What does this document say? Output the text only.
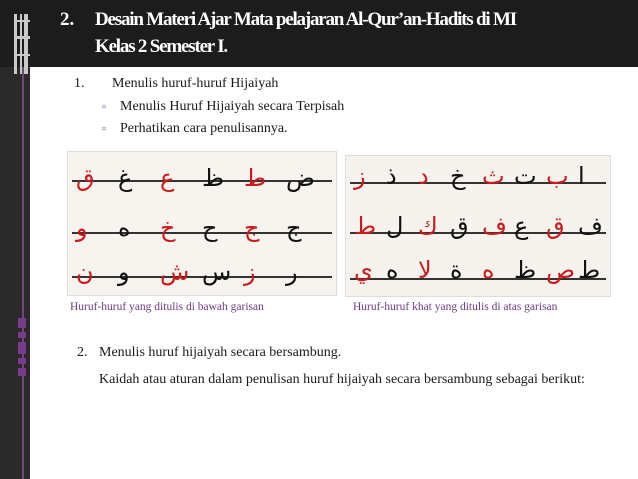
2. Desain Materi Ajar Mata pelajaran Al-Qur’an-Hadits di MI
Kelas 2 Semester I.
1.	Menulis huruf-huruf Hijaiyah
▫	Menulis Huruf Hijaiyah secara Terpisah
▫	Perhatikan cara penulisannya.
ق غ ع ظ ط ض
و ه خ ح ج ج
ن و ش س ز ر
ز ذ د خ ث ت ب ا
ط ل ك ق ف ع ق ف
ي ه لا ة ه ظ ص ط
Huruf-huruf yang ditulis di bawah garisan	Huruf-huruf khat yang ditulis di atas garisan
2. Menulis huruf hijaiyah secara bersambung.
Kaidah atau aturan dalam penulisan huruf hijaiyah secara bersambung sebagai berikut:
